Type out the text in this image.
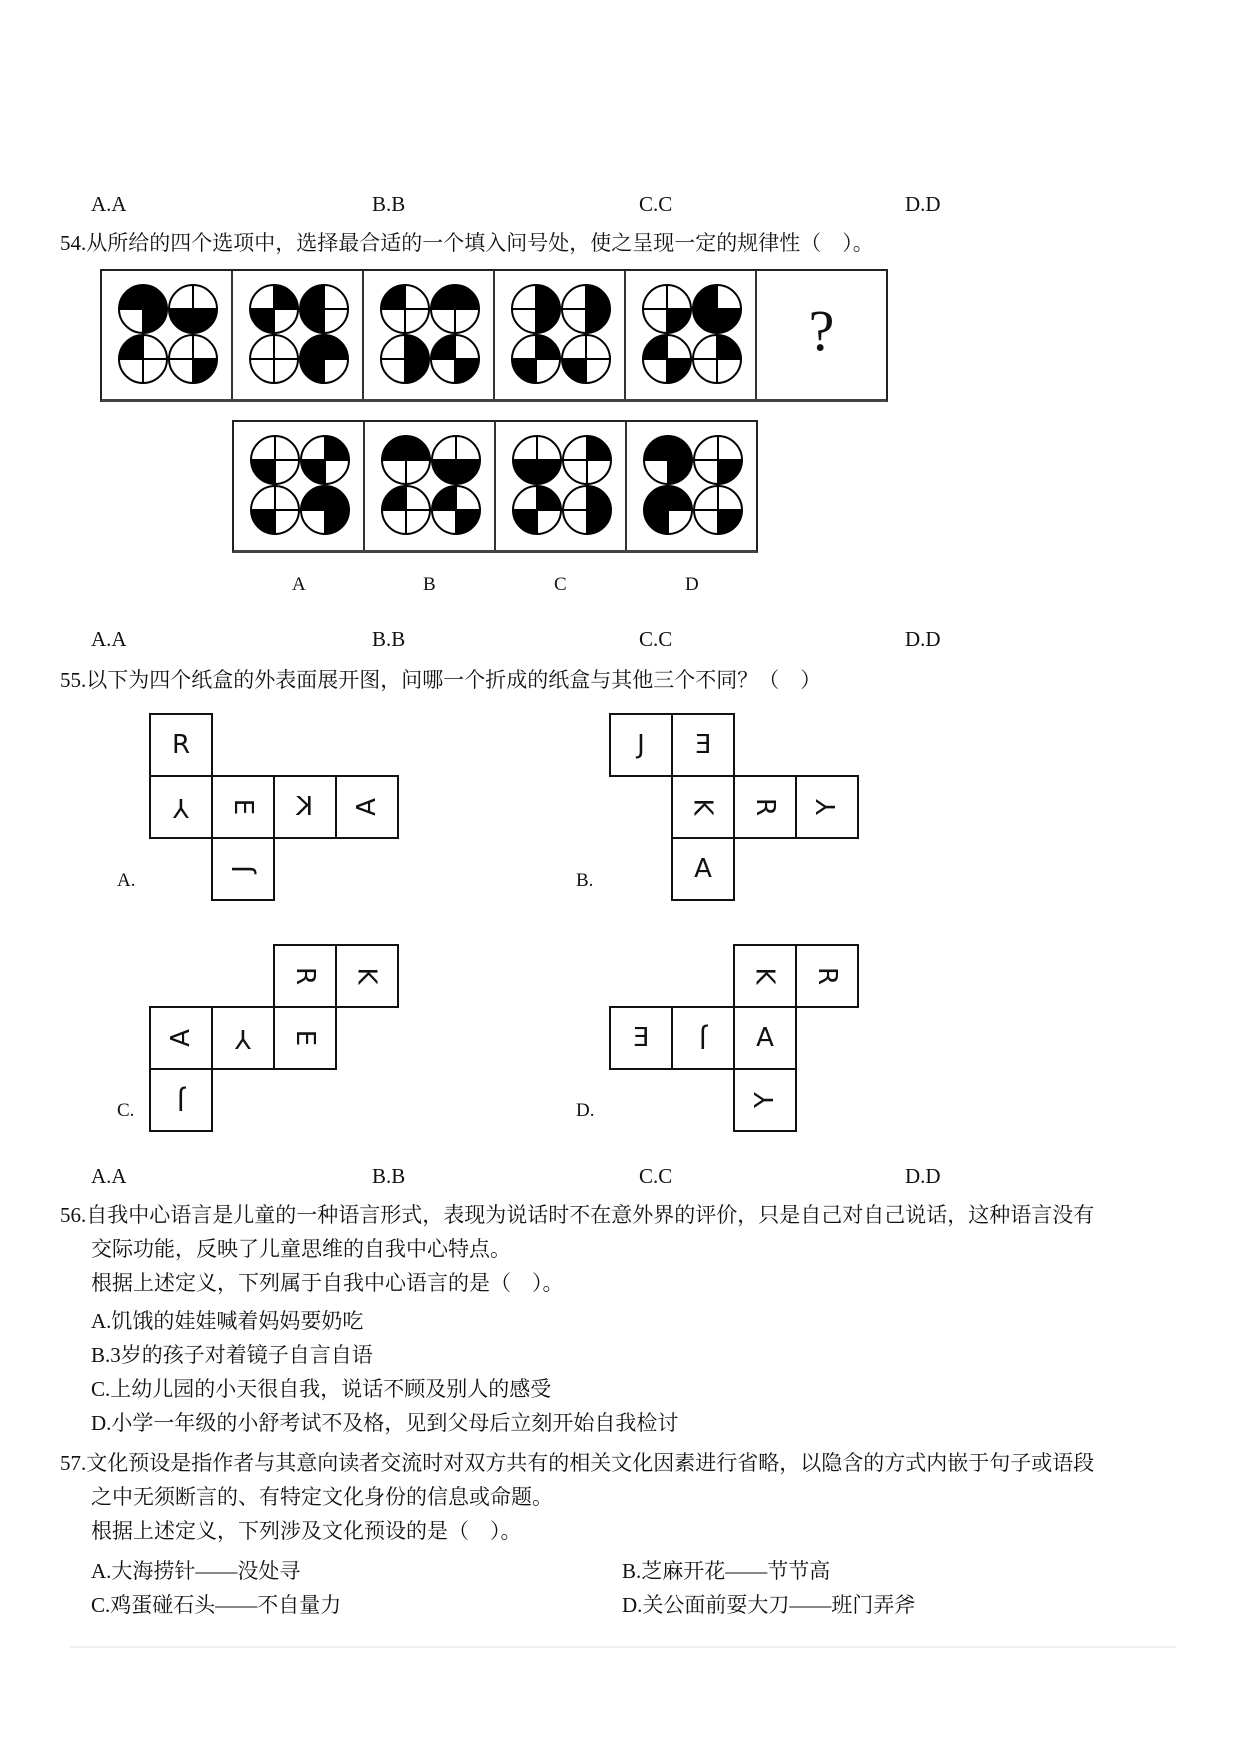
A.A	B.B	C.C	D.D
54.从所给的四个选项中，选择最合适的一个填入问号处，使之呈现一定的规律性（　）。
?
A	B	C	D
A.A	B.B	C.C	D.D
55.以下为四个纸盒的外表面展开图，问哪一个折成的纸盒与其他三个不同？（　）
A.
R
Y E K A
J
B.
J E
K R Y
A
C.
R K
A Y E
J	D.
K R
E J A
Y
A.A	B.B	C.C	D.D
56.自我中心语言是儿童的一种语言形式，表现为说话时不在意外界的评价，只是自己对自己说话，这种语言没有
交际功能，反映了儿童思维的自我中心特点。
根据上述定义，下列属于自我中心语言的是（　）。
A.饥饿的娃娃喊着妈妈要奶吃
B.3岁的孩子对着镜子自言自语
C.上幼儿园的小天很自我，说话不顾及别人的感受
D.小学一年级的小舒考试不及格，见到父母后立刻开始自我检讨
57.文化预设是指作者与其意向读者交流时对双方共有的相关文化因素进行省略，以隐含的方式内嵌于句子或语段
之中无须断言的、有特定文化身份的信息或命题。
根据上述定义，下列涉及文化预设的是（　）。
A.大海捞针——没处寻	B.芝麻开花——节节高
C.鸡蛋碰石头——不自量力	D.关公面前耍大刀——班门弄斧
